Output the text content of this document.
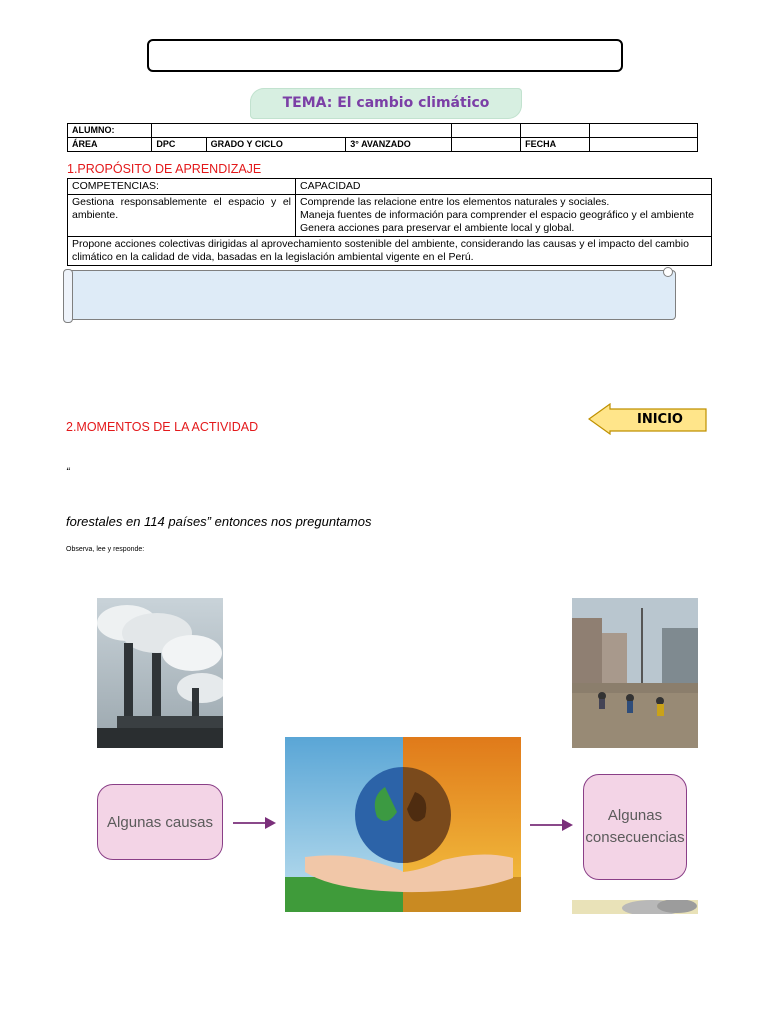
TEMA: El cambio climático
ALUMNO:						
ÁREA	DPC	GRADO Y CICLO	3° AVANZADO		FECHA	
1.PROPÓSITO DE APRENDIZAJE
COMPETENCIAS:	CAPACIDAD
Gestiona responsablemente el espacio y el ambiente.	Comprende las relacione entre los elementos naturales y sociales.
Maneja fuentes de información para comprender el espacio geográfico y el ambiente
Genera acciones para preservar el ambiente local y global.

Propone acciones colectivas dirigidas al aprovechamiento sostenible del ambiente, considerando las causas y el impacto del cambio climático en la calidad de vida, basadas en la legislación ambiental vigente en el Perú.	
2.MOMENTOS DE LA ACTIVIDAD	INICIO
“
forestales en 114 países” entonces nos preguntamos
Observa, lee y responde:
Algunas causas	Algunas consecuencias
